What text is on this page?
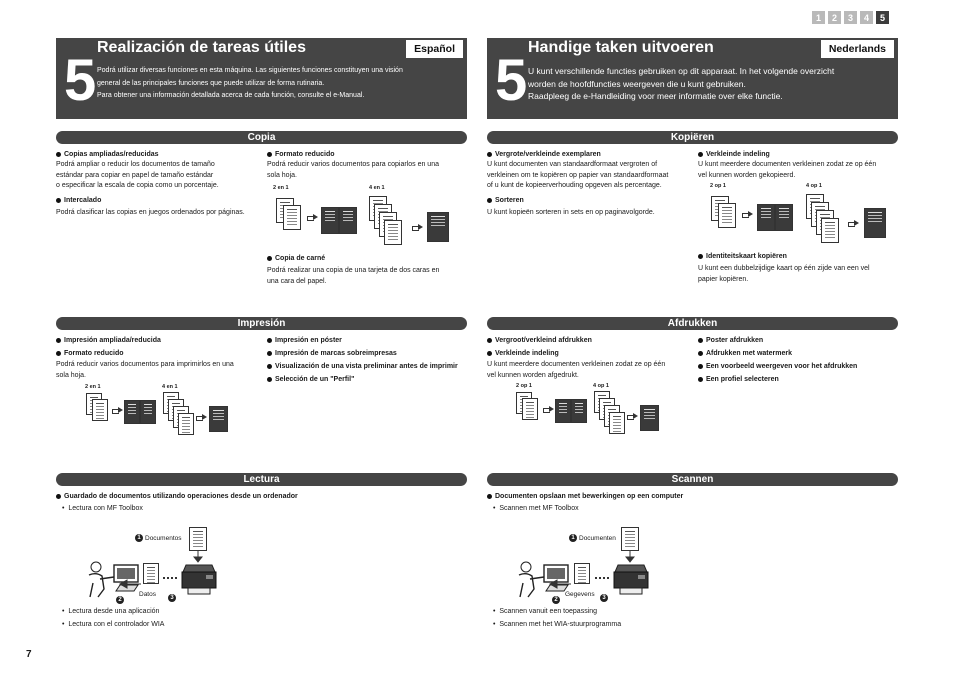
1	2	3	4	5
5
Realización de tareas útiles	Español

Podrá utilizar diversas funciones en esta máquina. Las siguientes funciones constituyen una visión

general de las principales funciones que puede utilizar de forma rutinaria.

Para obtener una información detallada acerca de cada función, consulte el e-Manual.

Copia
Copias ampliadas/reducidas
Podrá ampliar o reducir los documentos de tamaño
estándar para copiar en papel de tamaño estándar
o especificar la escala de copia como un porcentaje.
Intercalado
Podrá clasificar las copias en juegos ordenados por páginas.
Formato reducido
Podrá reducir varios documentos para copiarlos en una
sola hoja.
2 en 1	4 en 1
Copia de carné
Podrá realizar una copia de una tarjeta de dos caras en
una cara del papel.
Impresión
Impresión ampliada/reducida
Formato reducido
Podrá reducir varios documentos para imprimirlos en una
sola hoja.
2 en 1	4 en 1
Impresión en póster
Impresión de marcas sobreimpresas
Visualización de una vista preliminar antes de imprimir
Selección de un "Perfil"
Lectura
Guardado de documentos utilizando operaciones desde un ordenador
•  Lectura con MF Toolbox
1 Documentos
2
Datos	3
•  Lectura desde una aplicación
•  Lectura con el controlador WIA
5
Handige taken uitvoeren	Nederlands

U kunt verschillende functies gebruiken op dit apparaat. In het volgende overzicht

worden de hoofdfuncties weergeven die u kunt gebruiken.

Raadpleeg de e-Handleiding voor meer informatie over elke functie.

Kopiëren
Vergrote/verkleinde exemplaren
U kunt documenten van standaardformaat vergroten of
verkleinen om te kopiëren op papier van standaardformaat
of u kunt de kopieerverhouding opgeven als percentage.
Sorteren
U kunt kopieën sorteren in sets en op paginavolgorde.
Verkleinde indeling
U kunt meerdere documenten verkleinen zodat ze op één
vel kunnen worden gekopieerd.
2 op 1	4 op 1
Identiteitskaart kopiëren
U kunt een dubbelzijdige kaart op één zijde van een vel
papier kopiëren.
Afdrukken
Vergroot/verkleind afdrukken
Verkleinde indeling
U kunt meerdere documenten verkleinen zodat ze op één
vel kunnen worden afgedrukt.
2 op 1	4 op 1
Poster afdrukken
Afdrukken met watermerk
Een voorbeeld weergeven voor het afdrukken
Een profiel selecteren
Scannen
Documenten opslaan met bewerkingen op een computer
•  Scannen met MF Toolbox
1 Documenten
2
Gegevens	3
•  Scannen vanuit een toepassing
•  Scannen met het WIA-stuurprogramma
7
